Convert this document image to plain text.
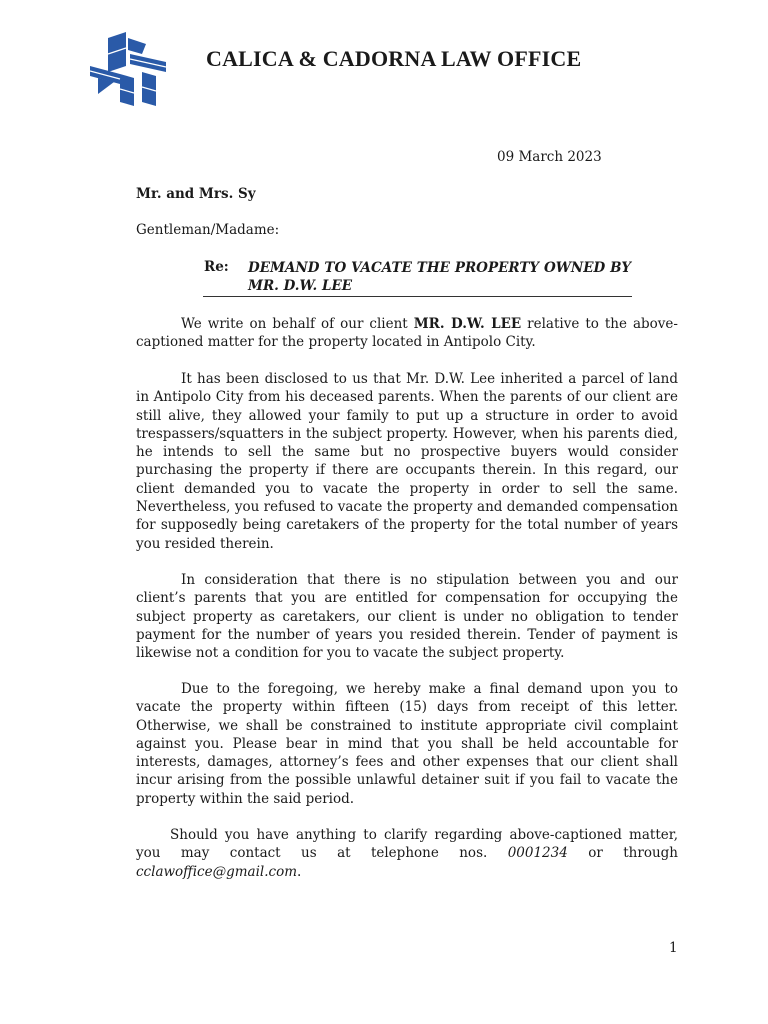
CALICA & CADORNA LAW OFFICE
09 March 2023
Mr. and Mrs. Sy
Gentleman/Madame:
Re: DEMAND TO VACATE THE PROPERTY OWNED BY MR. D.W. LEE

We write on behalf of our client MR. D.W. LEE relative to the above-captioned matter for the property located in Antipolo City.

It has been disclosed to us that Mr. D.W. Lee inherited a parcel of land in Antipolo City from his deceased parents. When the parents of our client are still alive, they allowed your family to put up a structure in order to avoid trespassers/squatters in the subject property. However, when his parents died, he intends to sell the same but no prospective buyers would consider purchasing the property if there are occupants therein. In this regard, our client demanded you to vacate the property in order to sell the same. Nevertheless, you refused to vacate the property and demanded compensation for supposedly being caretakers of the property for the total number of years you resided therein.

In consideration that there is no stipulation between you and our client’s parents that you are entitled for compensation for occupying the subject property as caretakers, our client is under no obligation to tender payment for the number of years you resided therein. Tender of payment is likewise not a condition for you to vacate the subject property.

Due to the foregoing, we hereby make a final demand upon you to vacate the property within fifteen (15) days from receipt of this letter. Otherwise, we shall be constrained to institute appropriate civil complaint against you. Please bear in mind that you shall be held accountable for interests, damages, attorney’s fees and other expenses that our client shall incur arising from the possible unlawful detainer suit if you fail to vacate the property within the said period.

Should you have anything to clarify regarding above-captioned matter, you may contact us at telephone nos. 0001234 or through cclawoffice@gmail.com.

1
